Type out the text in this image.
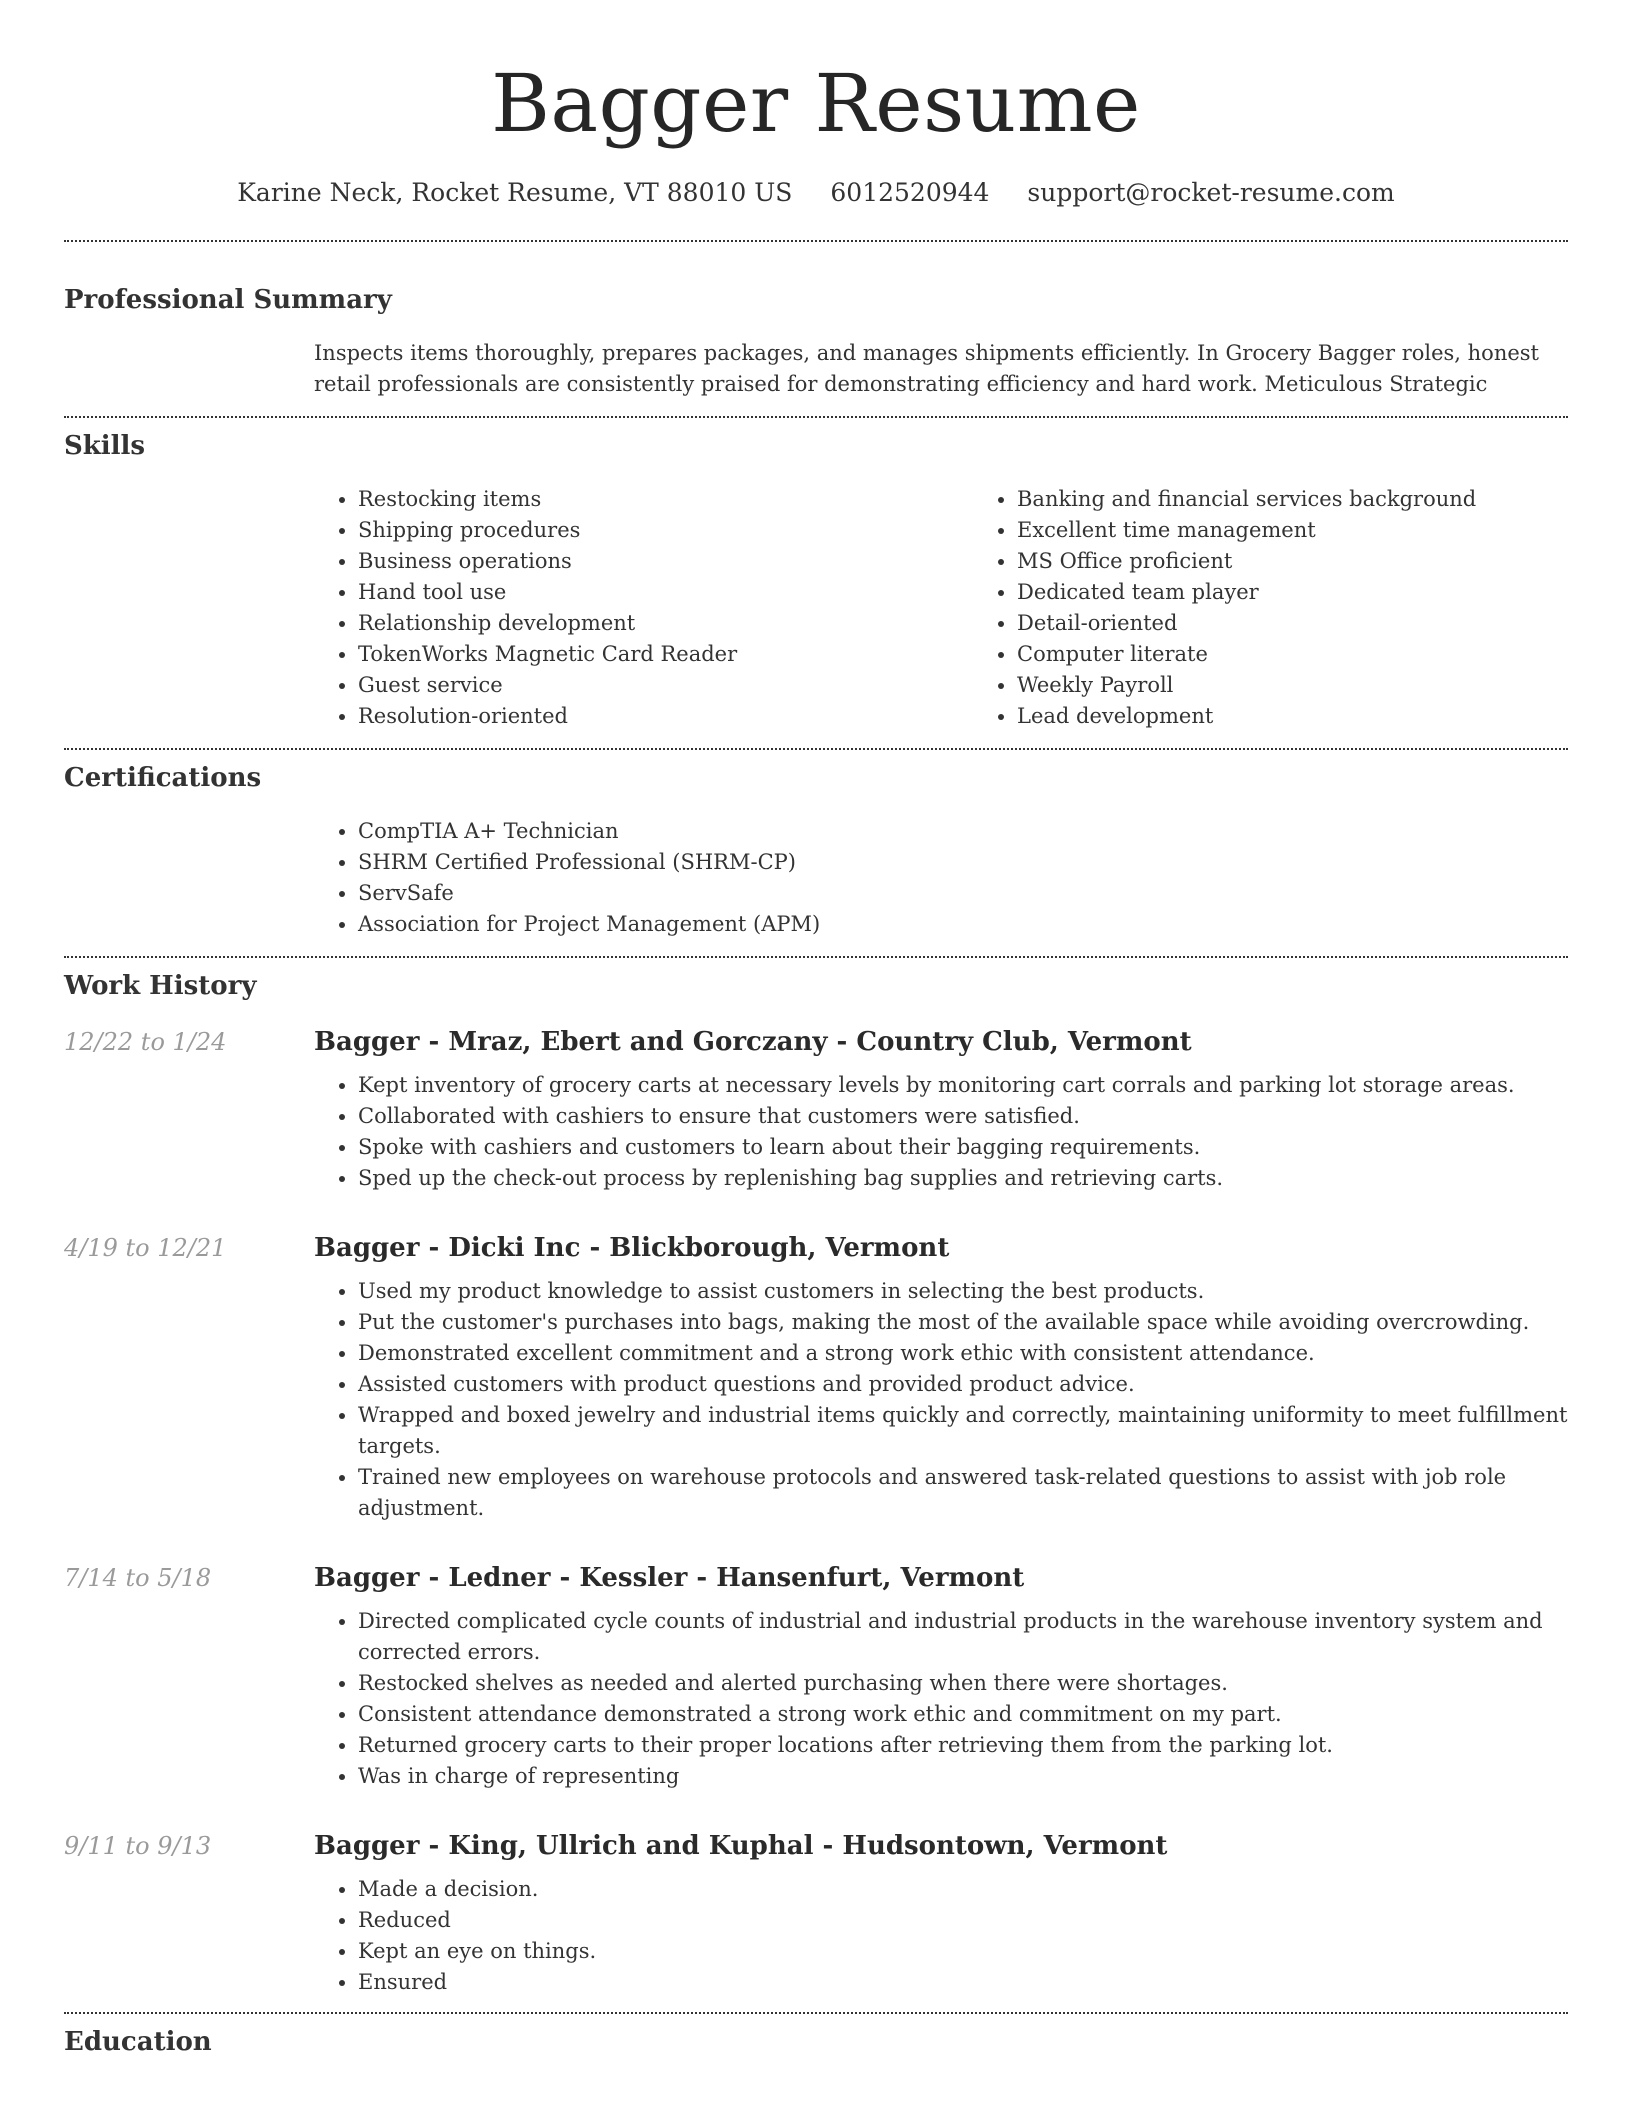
Bagger Resume
Karine Neck, Rocket Resume, VT 88010 US 6012520944 support@rocket-resume.com
Professional Summary
Inspects items thoroughly, prepares packages, and manages shipments efficiently. In Grocery Bagger roles, honest retail professionals are consistently praised for demonstrating efficiency and hard work. Meticulous Strategic
Skills
• Restocking items
• Shipping procedures
• Business operations
• Hand tool use
• Relationship development
• TokenWorks Magnetic Card Reader
• Guest service
• Resolution-oriented
• Banking and financial services background
• Excellent time management
• MS Office proficient
• Dedicated team player
• Detail-oriented
• Computer literate
• Weekly Payroll
• Lead development
Certifications
• CompTIA A+ Technician
• SHRM Certified Professional (SHRM-CP)
• ServSafe
• Association for Project Management (APM)
Work History
12/22 to 1/24	Bagger - Mraz, Ebert and Gorczany - Country Club, Vermont
• Kept inventory of grocery carts at necessary levels by monitoring cart corrals and parking lot storage areas.
• Collaborated with cashiers to ensure that customers were satisfied.
• Spoke with cashiers and customers to learn about their bagging requirements.
• Sped up the check-out process by replenishing bag supplies and retrieving carts.
4/19 to 12/21	Bagger - Dicki Inc - Blickborough, Vermont
• Used my product knowledge to assist customers in selecting the best products.
• Put the customer's purchases into bags, making the most of the available space while avoiding overcrowding.
• Demonstrated excellent commitment and a strong work ethic with consistent attendance.
• Assisted customers with product questions and provided product advice.
• Wrapped and boxed jewelry and industrial items quickly and correctly, maintaining uniformity to meet fulfillment targets.
• Trained new employees on warehouse protocols and answered task-related questions to assist with job role adjustment.
7/14 to 5/18	Bagger - Ledner - Kessler - Hansenfurt, Vermont
• Directed complicated cycle counts of industrial and industrial products in the warehouse inventory system and corrected errors.
• Restocked shelves as needed and alerted purchasing when there were shortages.
• Consistent attendance demonstrated a strong work ethic and commitment on my part.
• Returned grocery carts to their proper locations after retrieving them from the parking lot.
• Was in charge of representing
9/11 to 9/13	Bagger - King, Ullrich and Kuphal - Hudsontown, Vermont
• Made a decision.
• Reduced
• Kept an eye on things.
• Ensured
Education
